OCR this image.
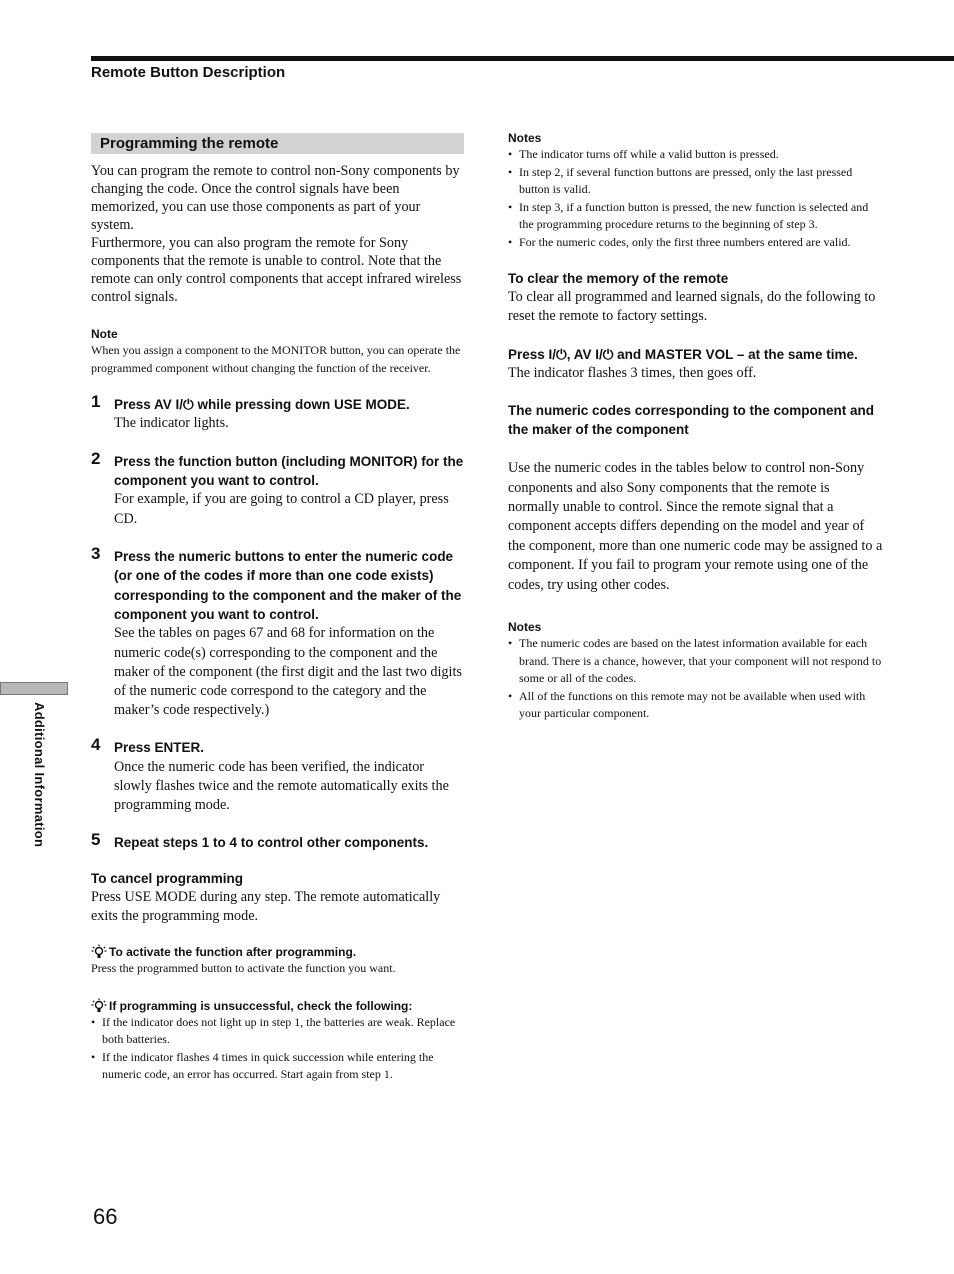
Remote Button Description
Additional Information
Programming the remote

You can program the remote to control non-Sony components by changing the code. Once the control signals have been memorized, you can use those components as part of your system.

Furthermore, you can also program the remote for Sony components that the remote is unable to control. Note that the remote can only control components that accept infrared wireless control signals.

Note

When you assign a component to the MONITOR button, you can operate the programmed component without changing the function of the receiver.

1 Press AV I/⏻ while pressing down USE MODE.

The indicator lights.

2 Press the function button (including MONITOR) for the component you want to control.

For example, if you are going to control a CD player, press CD.

3 Press the numeric buttons to enter the numeric code (or one of the codes if more than one code exists) corresponding to the component and the maker of the component you want to control.

See the tables on pages 67 and 68 for information on the numeric code(s) corresponding to the component and the maker of the component (the first digit and the last two digits of the numeric code correspond to the category and the maker’s code respectively.)

4 Press ENTER.

Once the numeric code has been verified, the indicator slowly flashes twice and the remote automatically exits the programming mode.

5 Repeat steps 1 to 4 to control other components.

To cancel programming

Press USE MODE during any step. The remote automatically exits the programming mode.

To activate the function after programming.

Press the programmed button to activate the function you want.

If programming is unsuccessful, check the following:

• If the indicator does not light up in step 1, the batteries are weak. Replace both batteries.
• If the indicator flashes 4 times in quick succession while entering the numeric code, an error has occurred. Start again from step 1.

Notes

• The indicator turns off while a valid button is pressed.
• In step 2, if several function buttons are pressed, only the last pressed button is valid.
• In step 3, if a function button is pressed, the new function is selected and the programming procedure returns to the beginning of step 3.
• For the numeric codes, only the first three numbers entered are valid.

To clear the memory of the remote

To clear all programmed and learned signals, do the following to reset the remote to factory settings.

Press I/⏻, AV I/⏻ and MASTER VOL – at the same time.

The indicator flashes 3 times, then goes off.

The numeric codes corresponding to the component and the maker of the component

Use the numeric codes in the tables below to control non-Sony conponents and also Sony components that the remote is normally unable to control. Since the remote signal that a component accepts differs depending on the model and year of the component, more than one numeric code may be assigned to a component. If you fail to program your remote using one of the codes, try using other codes.

Notes

• The numeric codes are based on the latest information available for each brand. There is a chance, however, that your component will not respond to some or all of the codes.
• All of the functions on this remote may not be available when used with your particular component.
66
